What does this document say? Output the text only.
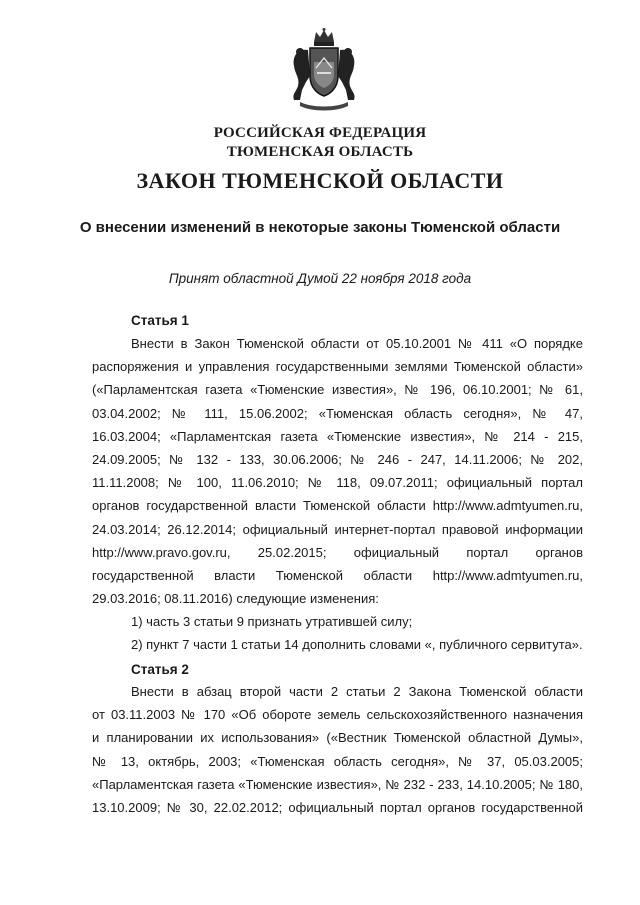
РОССИЙСКАЯ ФЕДЕРАЦИЯ
ТЮМЕНСКАЯ ОБЛАСТЬ
ЗАКОН ТЮМЕНСКОЙ ОБЛАСТИ
О внесении изменений в некоторые законы Тюменской области
Принят областной Думой 22 ноября 2018 года
Статья 1
Внести в Закон Тюменской области от 05.10.2001 № 411 «О порядке
распоряжения и управления государственными землями Тюменской области»
(«Парламентская газета «Тюменские известия», № 196, 06.10.2001; № 61,
03.04.2002; № 111, 15.06.2002; «Тюменская область сегодня», № 47,
16.03.2004; «Парламентская газета «Тюменские известия», № 214 - 215,
24.09.2005; № 132 - 133, 30.06.2006; № 246 - 247, 14.11.2006; № 202,
11.11.2008; № 100, 11.06.2010; № 118, 09.07.2011; официальный портал
органов государственной власти Тюменской области http://www.admtyumen.ru,
24.03.2014; 26.12.2014; официальный интернет-портал правовой информации
http://www.pravo.gov.ru, 25.02.2015; официальный портал органов
государственной власти Тюменской области http://www.admtyumen.ru,
29.03.2016; 08.11.2016) следующие изменения:

1) часть 3 статьи 9 признать утратившей силу;

2) пункт 7 части 1 статьи 14 дополнить словами «, публичного сервитута».

Статья 2
Внести в абзац второй части 2 статьи 2 Закона Тюменской области
от 03.11.2003 № 170 «Об обороте земель сельскохозяйственного назначения
и планировании их использования» («Вестник Тюменской областной Думы»,
№ 13, октябрь, 2003; «Тюменская область сегодня», № 37, 05.03.2005;
«Парламентская газета «Тюменские известия», № 232 - 233, 14.10.2005; № 180,
13.10.2009; № 30, 22.02.2012; официальный портал органов государственной
